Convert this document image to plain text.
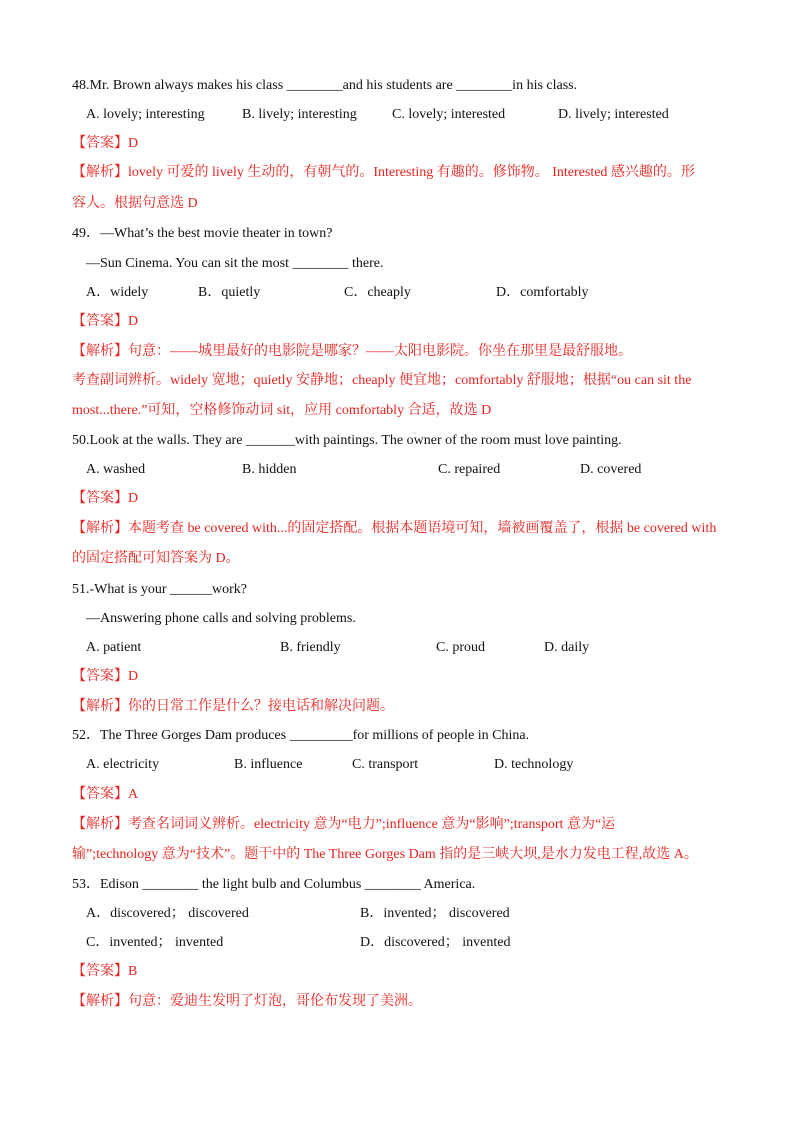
48.Mr. Brown always makes his class ________and his students are ________in his class.
A. lovely; interesting	B. lively; interesting	C. lovely; interested	D. lively; interested
【答案】D
【解析】lovely 可爱的 lively 生动的，有朝气的。Interesting 有趣的。修饰物。 Interested 感兴趣的。形
容人。根据句意选 D
49．—What’s the best movie theater in town?
—Sun Cinema. You can sit the most ________ there.
A．widely	B．quietly	C．cheaply	D．comfortably
【答案】D
【解析】句意：——城里最好的电影院是哪家？——太阳电影院。你坐在那里是最舒服地。
考查副词辨析。widely 宽地；quietly 安静地；cheaply 便宜地；comfortably 舒服地；根据“ou can sit the
most...there.”可知，空格修饰动词 sit，应用 comfortably 合适，故选 D
50.Look at the walls. They are _______with paintings. The owner of the room must love painting.
A. washed	B. hidden	C. repaired	D. covered
【答案】D
【解析】本题考查 be covered with...的固定搭配。根据本题语境可知，墙被画覆盖了，根据 be covered with
的固定搭配可知答案为 D。
51.-What is your ______work?
—Answering phone calls and solving problems.
A. patient	B. friendly	C. proud	D. daily
【答案】D
【解析】你的日常工作是什么？接电话和解决问题。
52．The Three Gorges Dam produces _________for millions of people in China.
A. electricity	B. influence	C. transport	D. technology
【答案】A
【解析】考查名词词义辨析。electricity 意为“电力”;influence 意为“影响”;transport 意为“运
输”;technology 意为“技术”。题干中的 The Three Gorges Dam 指的是三峡大坝,是水力发电工程,故选 A。
53．Edison ________ the light bulb and Columbus ________ America.
A．discovered； discovered	B．invented； discovered
C．invented； invented	D．discovered； invented
【答案】B
【解析】句意：爱迪生发明了灯泡，哥伦布发现了美洲。
